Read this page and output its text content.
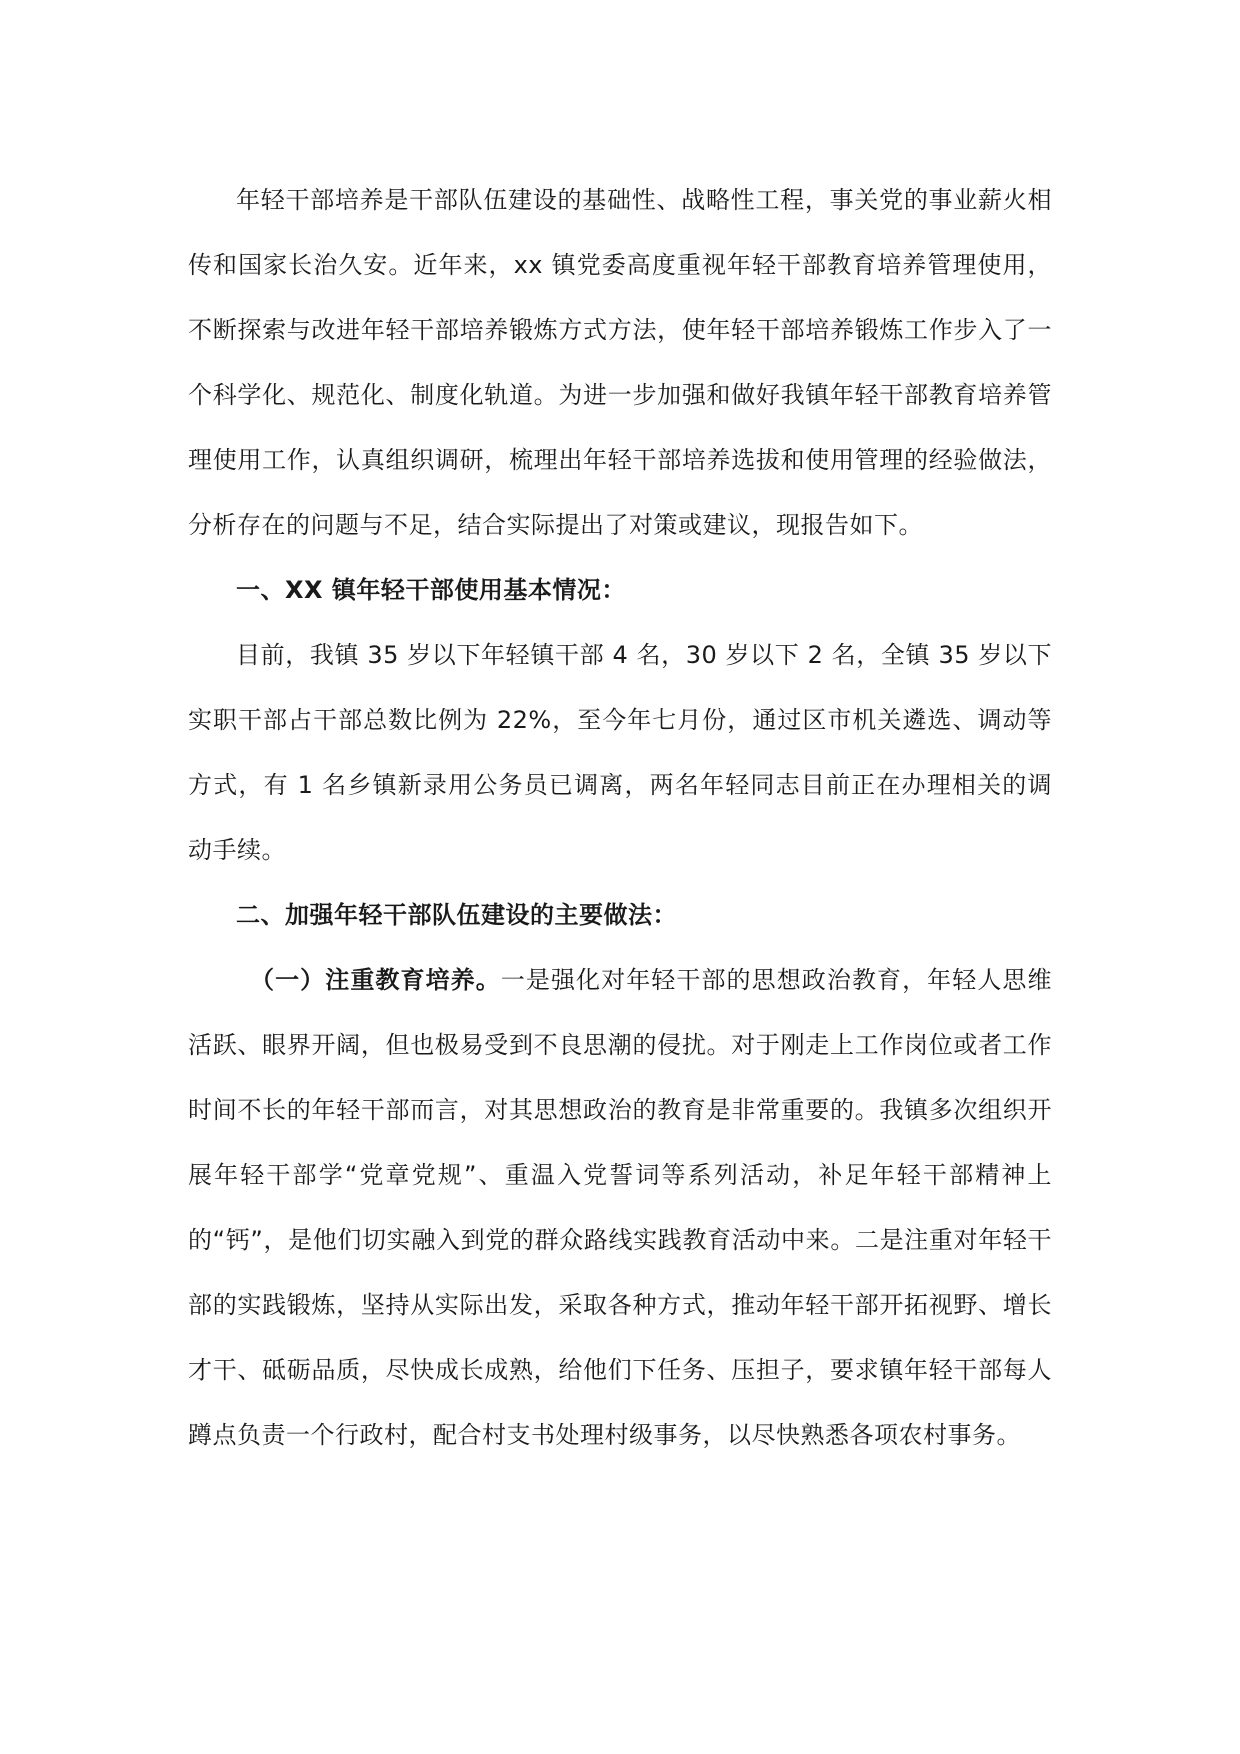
年轻干部培养是干部队伍建设的基础性、战略性工程，事关党的事业薪火相传和国家长治久安。近年来，xx 镇党委高度重视年轻干部教育培养管理使用，不断探索与改进年轻干部培养锻炼方式方法，使年轻干部培养锻炼工作步入了一个科学化、规范化、制度化轨道。为进一步加强和做好我镇年轻干部教育培养管理使用工作，认真组织调研，梳理出年轻干部培养选拔和使用管理的经验做法，分析存在的问题与不足，结合实际提出了对策或建议，现报告如下。

一、XX 镇年轻干部使用基本情况：

目前，我镇 35 岁以下年轻镇干部 4 名，30 岁以下 2 名，全镇 35 岁以下实职干部占干部总数比例为 22%，至今年七月份，通过区市机关遴选、调动等方式，有 1 名乡镇新录用公务员已调离，两名年轻同志目前正在办理相关的调动手续。

二、加强年轻干部队伍建设的主要做法：

（一）注重教育培养。一是强化对年轻干部的思想政治教育，年轻人思维活跃、眼界开阔，但也极易受到不良思潮的侵扰。对于刚走上工作岗位或者工作时间不长的年轻干部而言，对其思想政治的教育是非常重要的。我镇多次组织开展年轻干部学“党章党规”、重温入党誓词等系列活动，补足年轻干部精神上的“钙”，是他们切实融入到党的群众路线实践教育活动中来。二是注重对年轻干部的实践锻炼，坚持从实际出发，采取各种方式，推动年轻干部开拓视野、增长才干、砥砺品质，尽快成长成熟，给他们下任务、压担子，要求镇年轻干部每人蹲点负责一个行政村，配合村支书处理村级事务，以尽快熟悉各项农村事务。
